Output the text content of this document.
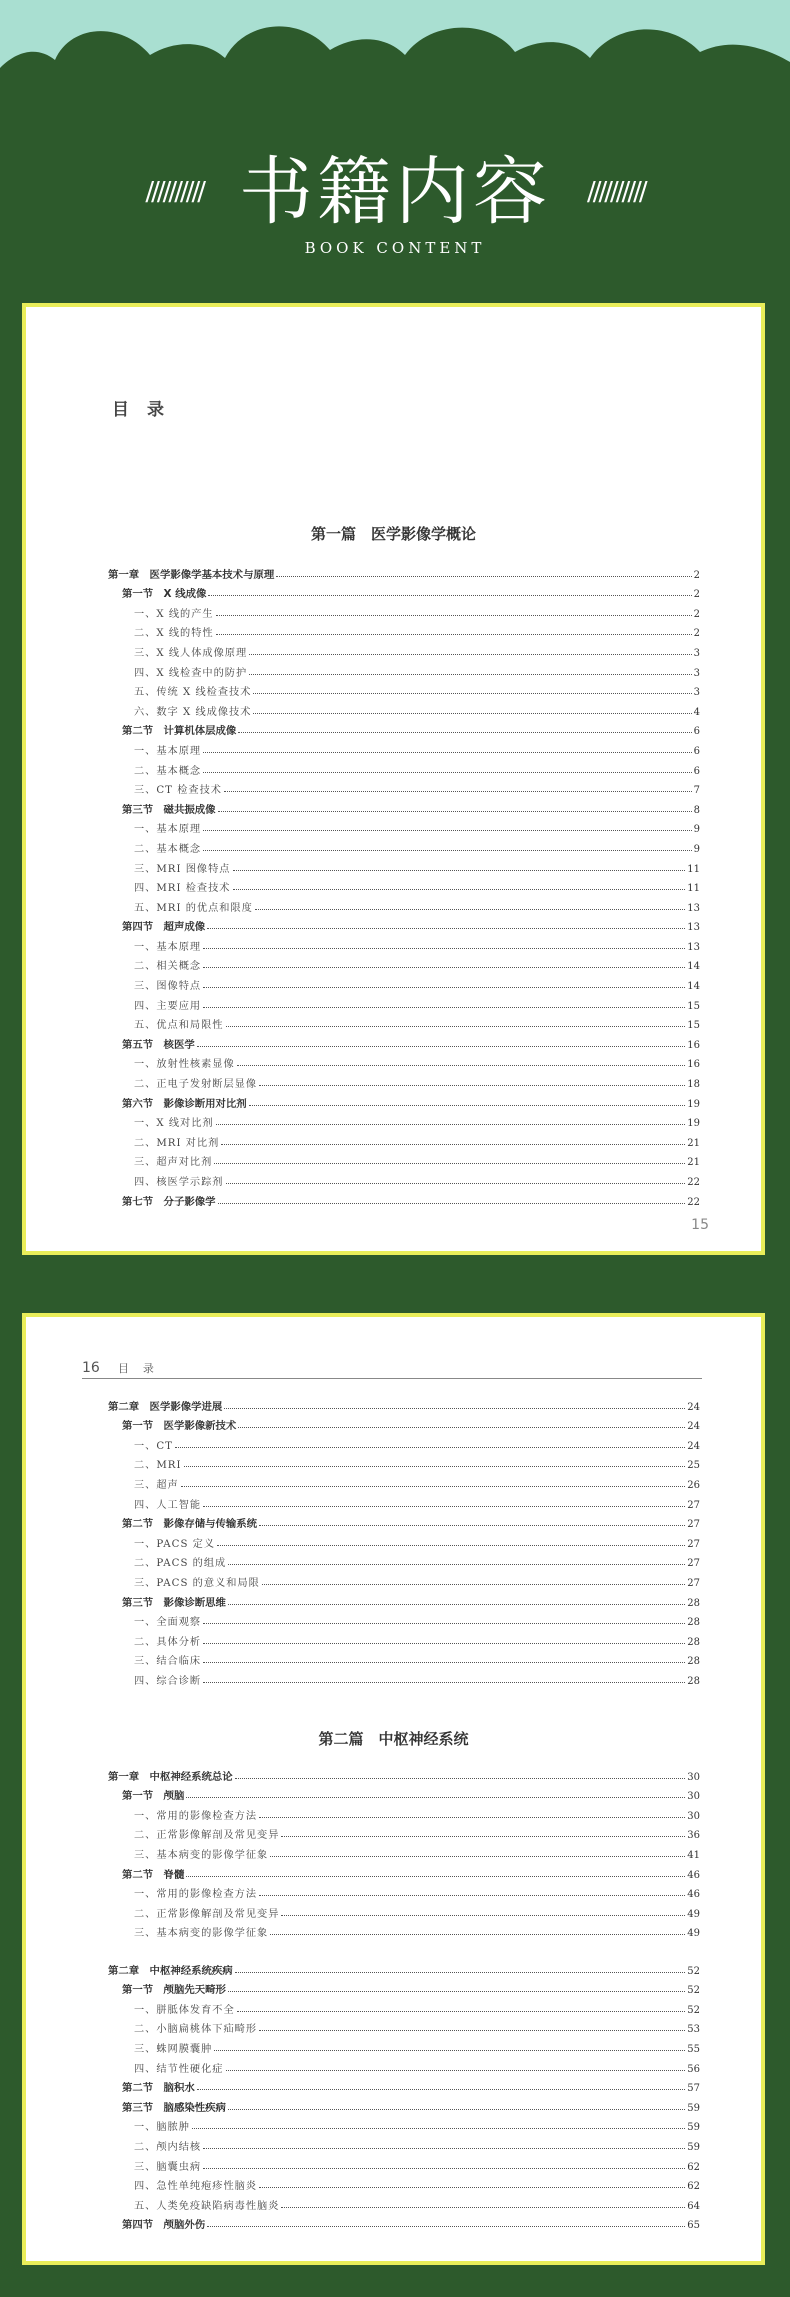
////////// 书籍内容 //////////
BOOK CONTENT
目录
第一篇　医学影像学概论
第一章　医学影像学基本技术与原理	2
第一节　X 线成像	2
一、X 线的产生	2
二、X 线的特性	2
三、X 线人体成像原理	3
四、X 线检查中的防护	3
五、传统 X 线检查技术	3
六、数字 X 线成像技术	4
第二节　计算机体层成像	6
一、基本原理	6
二、基本概念	6
三、CT 检查技术	7
第三节　磁共振成像	8
一、基本原理	9
二、基本概念	9
三、MRI 图像特点	11
四、MRI 检查技术	11
五、MRI 的优点和限度	13
第四节　超声成像	13
一、基本原理	13
二、相关概念	14
三、图像特点	14
四、主要应用	15
五、优点和局限性	15
第五节　核医学	16
一、放射性核素显像	16
二、正电子发射断层显像	18
第六节　影像诊断用对比剂	19
一、X 线对比剂	19
二、MRI 对比剂	21
三、超声对比剂	21
四、核医学示踪剂	22
第七节　分子影像学	22
15
16 目录
第二章　医学影像学进展	24
第一节　医学影像新技术	24
一、CT	24
二、MRI	25
三、超声	26
四、人工智能	27
第二节　影像存储与传输系统	27
一、PACS 定义	27
二、PACS 的组成	27
三、PACS 的意义和局限	27
第三节　影像诊断思维	28
一、全面观察	28
二、具体分析	28
三、结合临床	28
四、综合诊断	28
第二篇　中枢神经系统
第一章　中枢神经系统总论	30
第一节　颅脑	30
一、常用的影像检查方法	30
二、正常影像解剖及常见变异	36
三、基本病变的影像学征象	41
第二节　脊髓	46
一、常用的影像检查方法	46
二、正常影像解剖及常见变异	49
三、基本病变的影像学征象	49
第二章　中枢神经系统疾病	52
第一节　颅脑先天畸形	52
一、胼胝体发育不全	52
二、小脑扁桃体下疝畸形	53
三、蛛网膜囊肿	55
四、结节性硬化症	56
第二节　脑积水	57
第三节　脑感染性疾病	59
一、脑脓肿	59
二、颅内结核	59
三、脑囊虫病	62
四、急性单纯疱疹性脑炎	62
五、人类免疫缺陷病毒性脑炎	64
第四节　颅脑外伤	65
